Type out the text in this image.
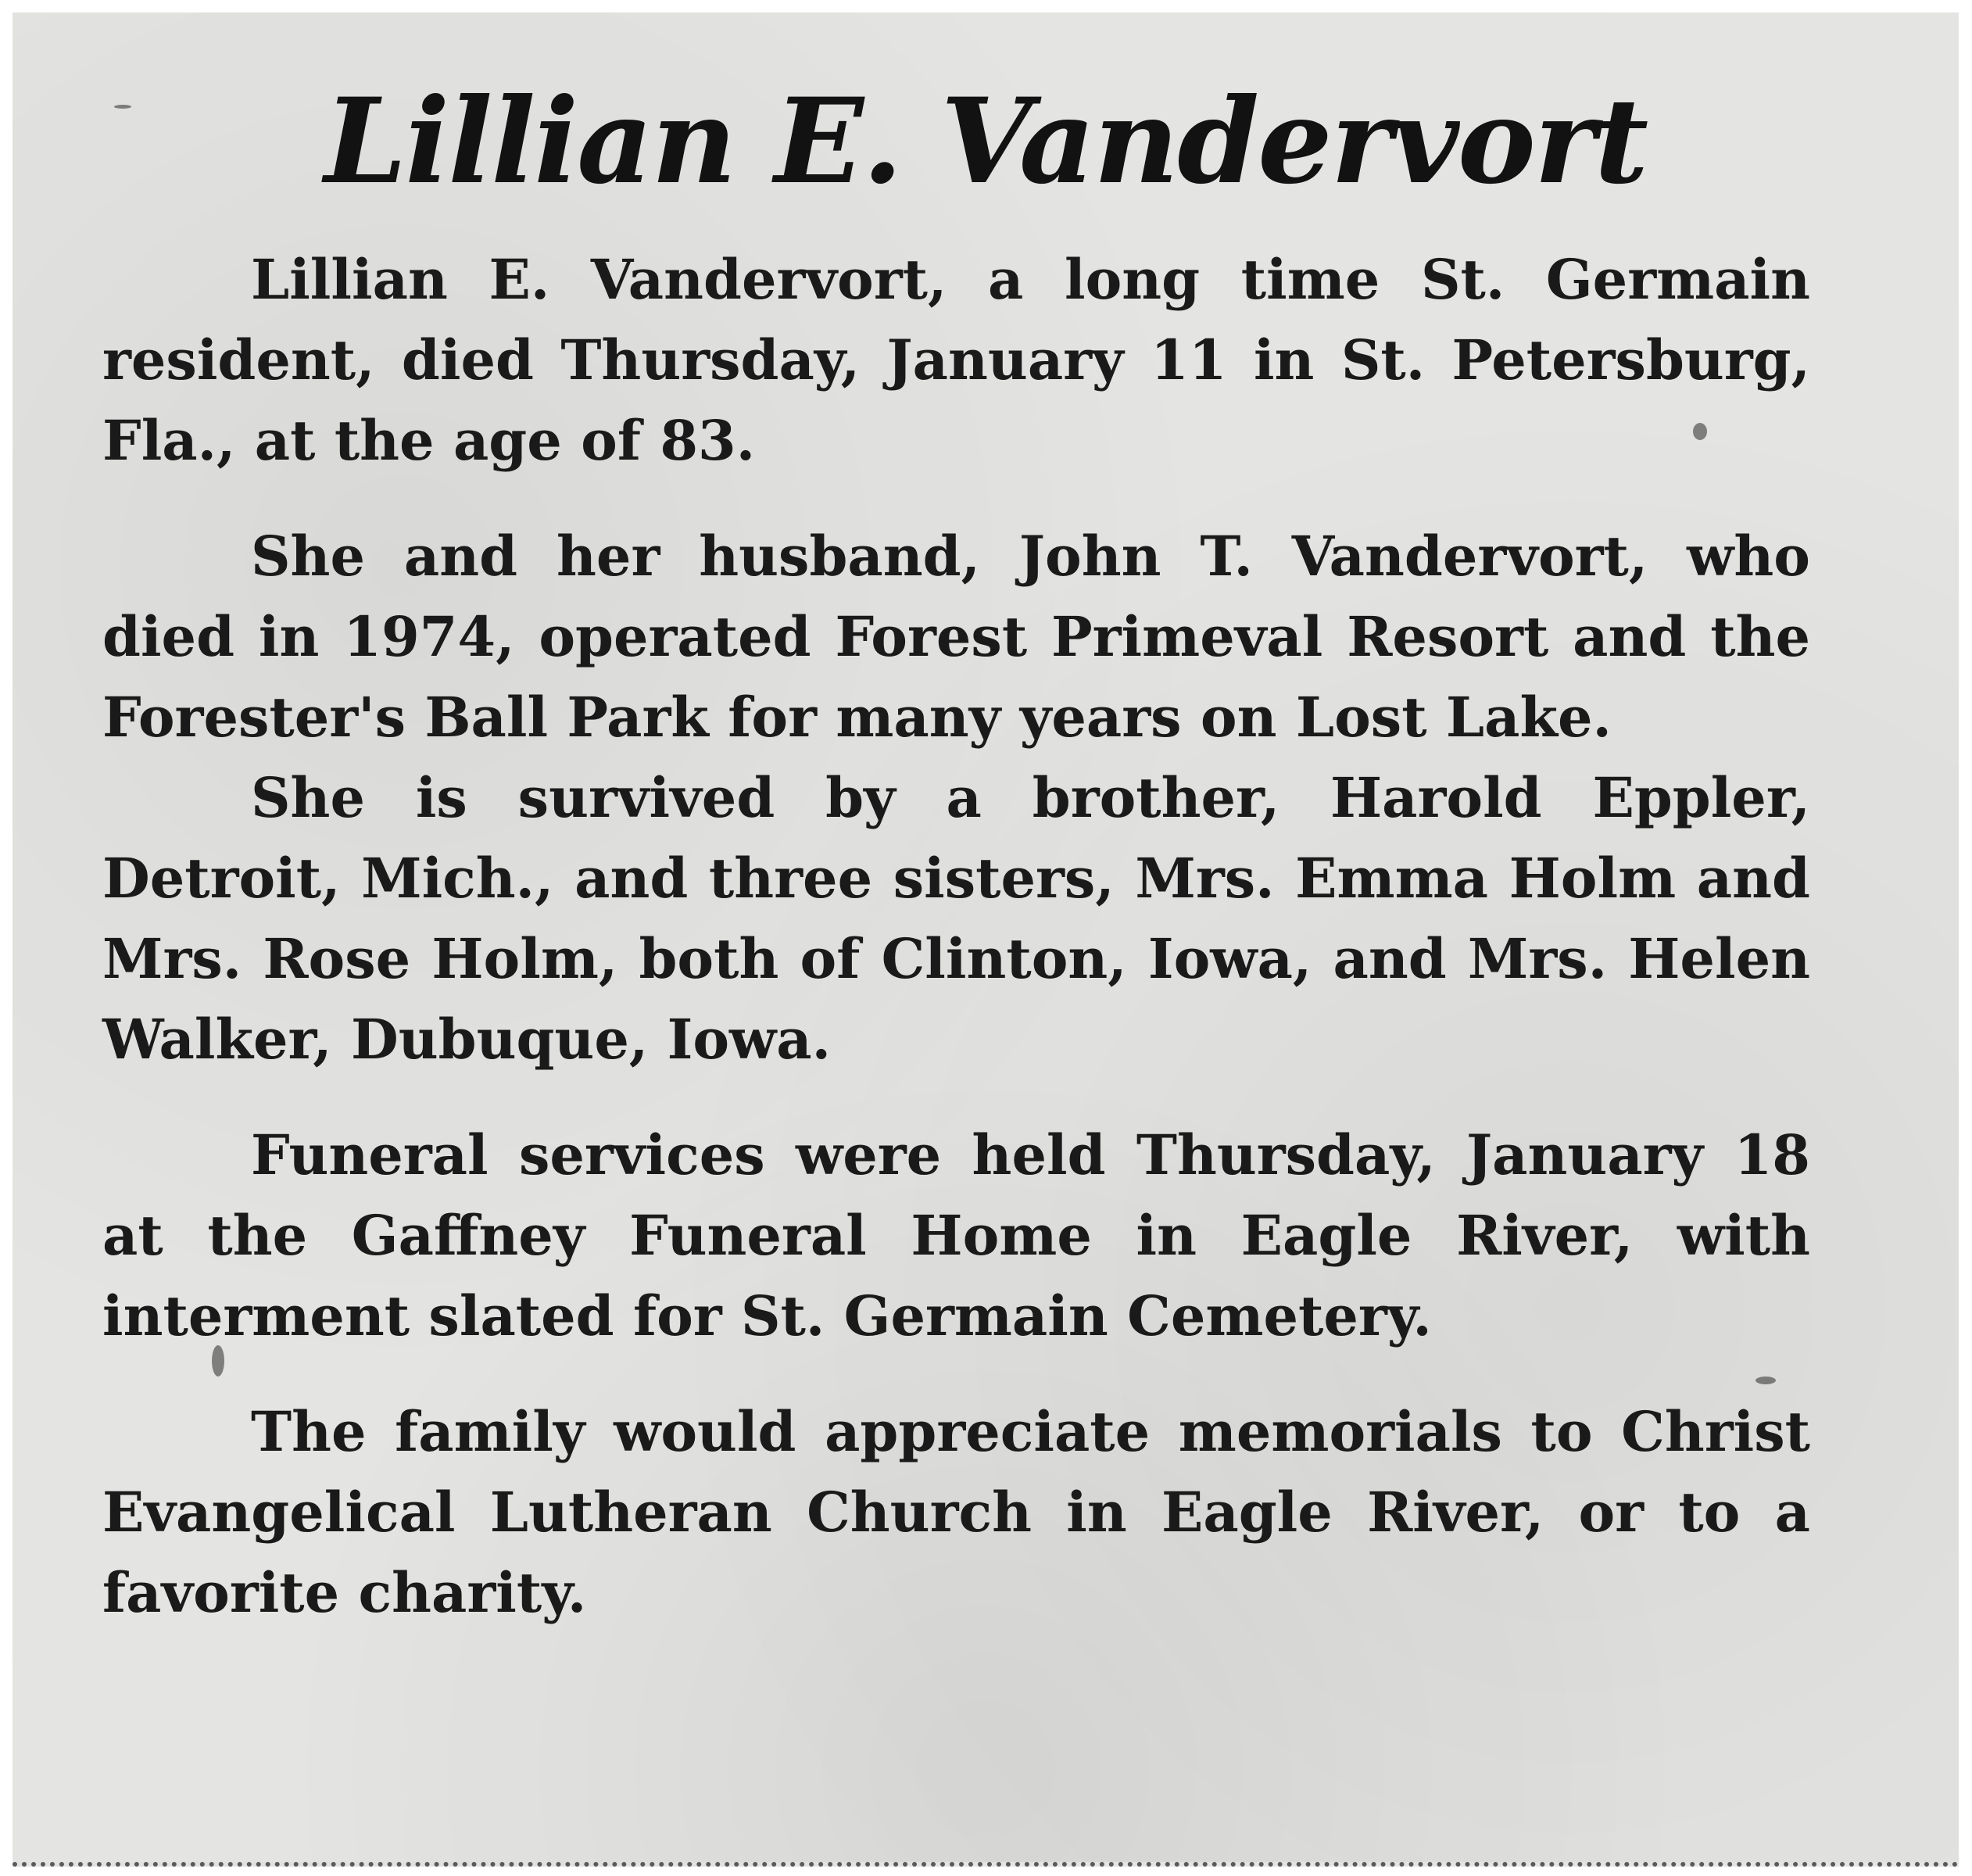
Lillian E. Vandervort

Lillian E. Vandervort, a long time St. Germain resident, died Thursday, January 11 in St. Petersburg, Fla., at the age of 83.

She and her husband, John T. Vandervort, who died in 1974, operated Forest Primeval Resort and the Forester's Ball Park for many years on Lost Lake.

She is survived by a brother, Harold Eppler, Detroit, Mich., and three sisters, Mrs. Emma Holm and Mrs. Rose Holm, both of Clinton, Iowa, and Mrs. Helen Walker, Dubuque, Iowa.

Funeral services were held Thursday, January 18 at the Gaffney Funeral Home in Eagle River, with interment slated for St. Germain Cemetery.

The family would appreciate memorials to Christ Evangelical Lutheran Church in Eagle River, or to a favorite charity.
